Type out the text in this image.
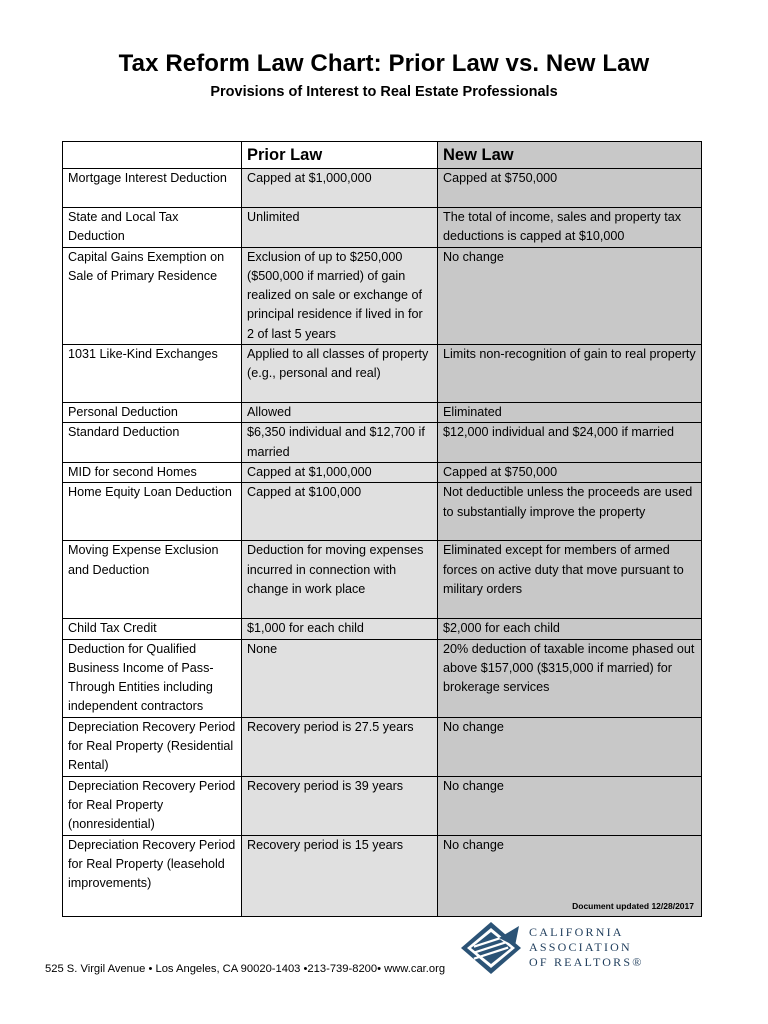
Tax Reform Law Chart: Prior Law vs. New Law
Provisions of Interest to Real Estate Professionals
	Prior Law	New Law
Mortgage Interest Deduction	Capped at $1,000,000	Capped at $750,000
State and Local Tax Deduction	Unlimited	The total of income, sales and property tax deductions is capped at $10,000
Capital Gains Exemption on Sale of Primary Residence	Exclusion of up to $250,000 ($500,000 if married) of gain realized on sale or exchange of principal residence if lived in for 2 of last 5 years	No change
1031 Like-Kind Exchanges	Applied to all classes of property (e.g., personal and real)	Limits non-recognition of gain to real property
Personal Deduction	Allowed	Eliminated
Standard Deduction	$6,350 individual and $12,700 if married	$12,000 individual and $24,000 if married
MID for second Homes	Capped at $1,000,000	Capped at $750,000
Home Equity Loan Deduction	Capped at $100,000	Not deductible unless the proceeds are used to substantially improve the property
Moving Expense Exclusion and Deduction	Deduction for moving expenses incurred in connection with change in work place	Eliminated except for members of armed forces on active duty that move pursuant to military orders
Child Tax Credit	$1,000 for each child	$2,000 for each child
Deduction for Qualified Business Income of Pass-Through Entities including independent contractors	None	20% deduction of taxable income phased out above $157,000 ($315,000 if married) for brokerage services
Depreciation Recovery Period for Real Property (Residential Rental)	Recovery period is 27.5 years	No change
Depreciation Recovery Period for Real Property (nonresidential)	Recovery period is 39 years	No change
Depreciation Recovery Period for Real Property (leasehold improvements)	Recovery period is 15 years	No change
Document updated 12/28/2017
CALIFORNIA
ASSOCIATION
OF REALTORS®
525 S. Virgil Avenue • Los Angeles, CA 90020-1403 •213-739-8200• www.car.org
